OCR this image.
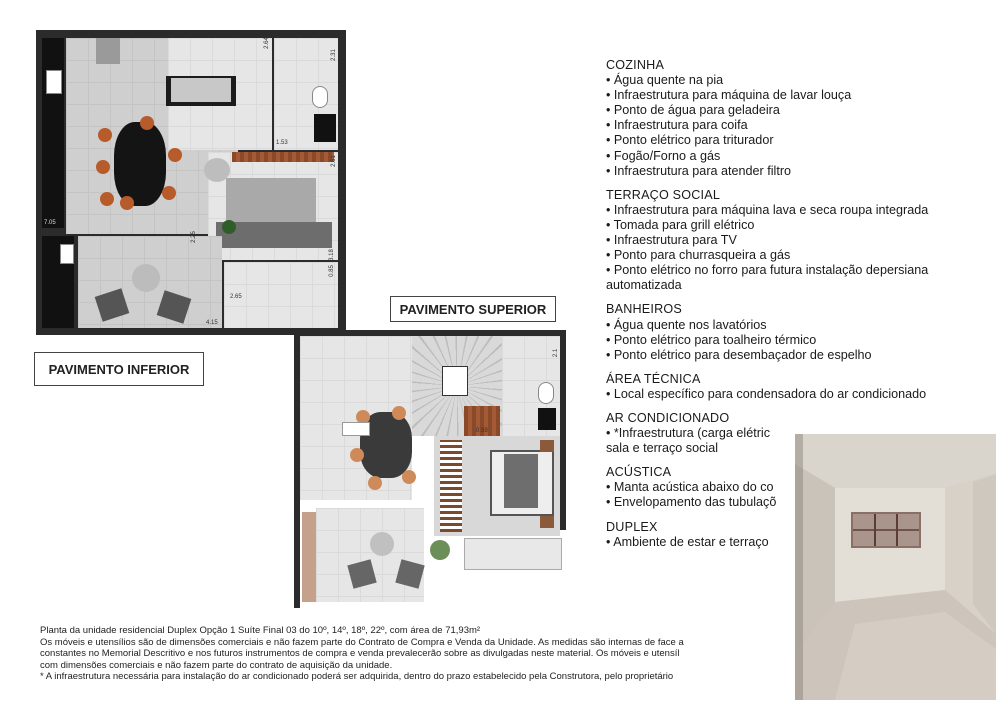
2.64
2.31
1.53
2.61
7.05
2.25
3.18
0.85
2.65
4.15
PAVIMENTO INFERIOR
PAVIMENTO SUPERIOR
0.59
2.1
COZINHA
• Água quente na pia
• Infraestrutura para máquina de lavar louça
• Ponto de água para geladeira
• Infraestrutura para coifa
• Ponto elétrico para triturador
• Fogão/Forno a gás
• Infraestrutura para atender filtro
TERRAÇO SOCIAL
• Infraestrutura para máquina lava e seca roupa integrada
• Tomada para grill elétrico
• Infraestrutura para TV
• Ponto para churrasqueira a gás
• Ponto elétrico no forro para futura instalação depersiana automatizada
BANHEIROS
• Água quente nos lavatórios
• Ponto elétrico para toalheiro térmico
• Ponto elétrico para desembaçador de espelho
ÁREA TÉCNICA
• Local específico para condensadora do ar condicionado
AR CONDICIONADO
• *Infraestrutura (carga elétric
sala e terraço social
ACÚSTICA
• Manta acústica abaixo do co
• Envelopamento das tubulaçõ
DUPLEX
• Ambiente de estar e terraço
Planta da unidade residencial Duplex Opção 1 Suíte Final 03 do 10º, 14º, 18º, 22º, com área de 71,93m²
Os móveis e utensílios são de dimensões comerciais e não fazem parte do Contrato de Compra e Venda da Unidade. As medidas são internas de face a
constantes no Memorial Descritivo e nos futuros instrumentos de compra e venda prevalecerão sobre as divulgadas neste material. Os móveis e utensíl
com dimensões comerciais e não fazem parte do contrato de aquisição da unidade.
* A infraestrutura necessária para instalação do ar condicionado poderá ser adquirida, dentro do prazo estabelecido pela Construtora, pelo proprietário
